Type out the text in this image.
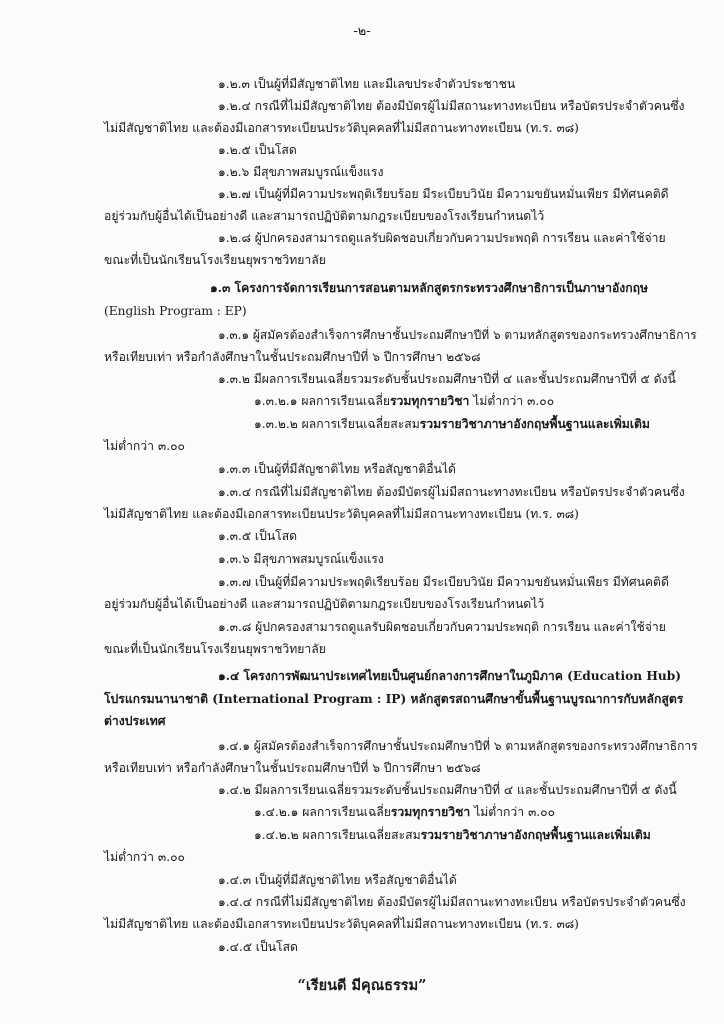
-๒-
๑.๒.๓ เป็นผู้ที่มีสัญชาติไทย และมีเลขประจำตัวประชาชน
๑.๒.๔ กรณีที่ไม่มีสัญชาติไทย ต้องมีบัตรผู้ไม่มีสถานะทางทะเบียน หรือบัตรประจำตัวคนซึ่ง
ไม่มีสัญชาติไทย และต้องมีเอกสารทะเบียนประวัติบุคคลที่ไม่มีสถานะทางทะเบียน (ท.ร. ๓๘)
๑.๒.๕ เป็นโสด
๑.๒.๖ มีสุขภาพสมบูรณ์แข็งแรง
๑.๒.๗ เป็นผู้ที่มีความประพฤติเรียบร้อย มีระเบียบวินัย มีความขยันหมั่นเพียร มีทัศนคติดี
อยู่ร่วมกับผู้อื่นได้เป็นอย่างดี และสามารถปฏิบัติตามกฎระเบียบของโรงเรียนกำหนดไว้
๑.๒.๘ ผู้ปกครองสามารถดูแลรับผิดชอบเกี่ยวกับความประพฤติ การเรียน และค่าใช้จ่าย
ขณะที่เป็นนักเรียนโรงเรียนยุพราชวิทยาลัย
๑.๓ โครงการจัดการเรียนการสอนตามหลักสูตรกระทรวงศึกษาธิการเป็นภาษาอังกฤษ
(English Program : EP)
๑.๓.๑ ผู้สมัครต้องสำเร็จการศึกษาชั้นประถมศึกษาปีที่ ๖ ตามหลักสูตรของกระทรวงศึกษาธิการ
หรือเทียบเท่า หรือกำลังศึกษาในชั้นประถมศึกษาปีที่ ๖ ปีการศึกษา ๒๕๖๘
๑.๓.๒ มีผลการเรียนเฉลี่ยรวมระดับชั้นประถมศึกษาปีที่ ๔ และชั้นประถมศึกษาปีที่ ๕ ดังนี้
๑.๓.๒.๑ ผลการเรียนเฉลี่ยรวมทุกรายวิชา ไม่ต่ำกว่า ๓.๐๐
๑.๓.๒.๒ ผลการเรียนเฉลี่ยสะสมรวมรายวิชาภาษาอังกฤษพื้นฐานและเพิ่มเติม
ไม่ต่ำกว่า ๓.๐๐
๑.๓.๓ เป็นผู้ที่มีสัญชาติไทย หรือสัญชาติอื่นได้
๑.๓.๔ กรณีที่ไม่มีสัญชาติไทย ต้องมีบัตรผู้ไม่มีสถานะทางทะเบียน หรือบัตรประจำตัวคนซึ่ง
ไม่มีสัญชาติไทย และต้องมีเอกสารทะเบียนประวัติบุคคลที่ไม่มีสถานะทางทะเบียน (ท.ร. ๓๘)
๑.๓.๕ เป็นโสด
๑.๓.๖ มีสุขภาพสมบูรณ์แข็งแรง
๑.๓.๗ เป็นผู้ที่มีความประพฤติเรียบร้อย มีระเบียบวินัย มีความขยันหมั่นเพียร มีทัศนคติดี
อยู่ร่วมกับผู้อื่นได้เป็นอย่างดี และสามารถปฏิบัติตามกฎระเบียบของโรงเรียนกำหนดไว้
๑.๓.๘ ผู้ปกครองสามารถดูแลรับผิดชอบเกี่ยวกับความประพฤติ การเรียน และค่าใช้จ่าย
ขณะที่เป็นนักเรียนโรงเรียนยุพราชวิทยาลัย
๑.๔ โครงการพัฒนาประเทศไทยเป็นศูนย์กลางการศึกษาในภูมิภาค (Education Hub)
โปรแกรมนานาชาติ (International Program : IP) หลักสูตรสถานศึกษาขั้นพื้นฐานบูรณาการกับหลักสูตร
ต่างประเทศ
๑.๔.๑ ผู้สมัครต้องสำเร็จการศึกษาชั้นประถมศึกษาปีที่ ๖ ตามหลักสูตรของกระทรวงศึกษาธิการ
หรือเทียบเท่า หรือกำลังศึกษาในชั้นประถมศึกษาปีที่ ๖ ปีการศึกษา ๒๕๖๘
๑.๔.๒ มีผลการเรียนเฉลี่ยรวมระดับชั้นประถมศึกษาปีที่ ๔ และชั้นประถมศึกษาปีที่ ๕ ดังนี้
๑.๔.๒.๑ ผลการเรียนเฉลี่ยรวมทุกรายวิชา ไม่ต่ำกว่า ๓.๐๐
๑.๔.๒.๒ ผลการเรียนเฉลี่ยสะสมรวมรายวิชาภาษาอังกฤษพื้นฐานและเพิ่มเติม
ไม่ต่ำกว่า ๓.๐๐
๑.๔.๓ เป็นผู้ที่มีสัญชาติไทย หรือสัญชาติอื่นได้
๑.๔.๔ กรณีที่ไม่มีสัญชาติไทย ต้องมีบัตรผู้ไม่มีสถานะทางทะเบียน หรือบัตรประจำตัวคนซึ่ง
ไม่มีสัญชาติไทย และต้องมีเอกสารทะเบียนประวัติบุคคลที่ไม่มีสถานะทางทะเบียน (ท.ร. ๓๘)
๑.๔.๕ เป็นโสด
“เรียนดี มีคุณธรรม”
